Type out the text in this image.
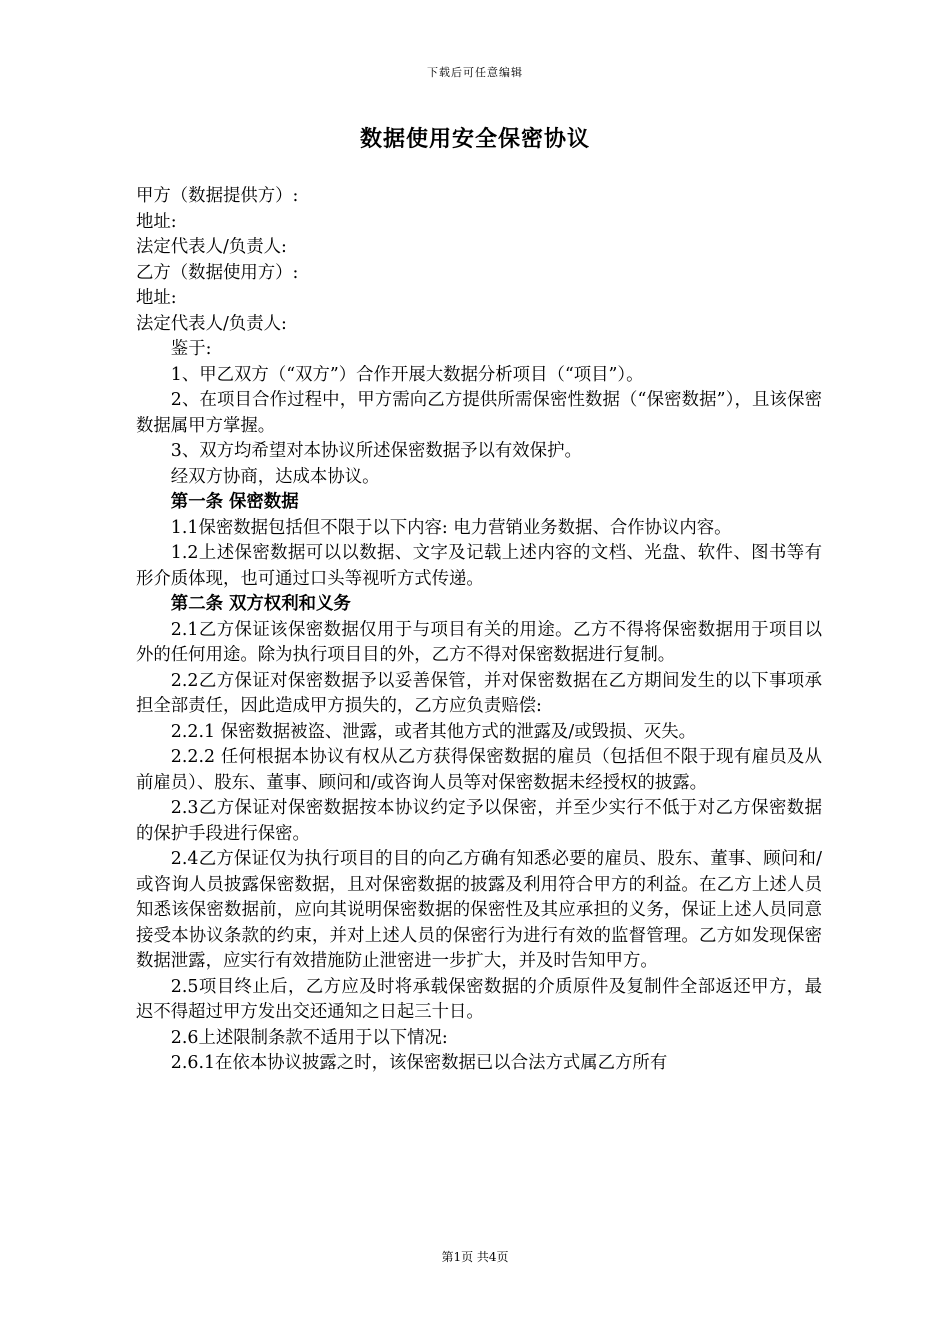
下载后可任意编辑
数据使用安全保密协议

甲方（数据提供方）:

地址:

法定代表人/负责人:

乙方（数据使用方）:

地址:

法定代表人/负责人:

鉴于:

1、甲乙双方（“双方”）合作开展大数据分析项目（“项目”）。

2、在项目合作过程中，甲方需向乙方提供所需保密性数据（“保密数据”），且该保密数据属甲方掌握。

3、双方均希望对本协议所述保密数据予以有效保护。

经双方协商，达成本协议。

第一条 保密数据

1.1保密数据包括但不限于以下内容: 电力营销业务数据、合作协议内容。

1.2上述保密数据可以以数据、文字及记载上述内容的文档、光盘、软件、图书等有形介质体现，也可通过口头等视听方式传递。

第二条 双方权利和义务

2.1乙方保证该保密数据仅用于与项目有关的用途。乙方不得将保密数据用于项目以外的任何用途。除为执行项目目的外，乙方不得对保密数据进行复制。

2.2乙方保证对保密数据予以妥善保管，并对保密数据在乙方期间发生的以下事项承担全部责任，因此造成甲方损失的，乙方应负责赔偿:

2.2.1 保密数据被盗、泄露，或者其他方式的泄露及/或毁损、灭失。

2.2.2 任何根据本协议有权从乙方获得保密数据的雇员（包括但不限于现有雇员及从前雇员）、股东、董事、顾问和/或咨询人员等对保密数据未经授权的披露。

2.3乙方保证对保密数据按本协议约定予以保密，并至少实行不低于对乙方保密数据的保护手段进行保密。

2.4乙方保证仅为执行项目的目的向乙方确有知悉必要的雇员、股东、董事、顾问和/或咨询人员披露保密数据，且对保密数据的披露及利用符合甲方的利益。在乙方上述人员知悉该保密数据前，应向其说明保密数据的保密性及其应承担的义务，保证上述人员同意接受本协议条款的约束，并对上述人员的保密行为进行有效的监督管理。乙方如发现保密数据泄露，应实行有效措施防止泄密进一步扩大，并及时告知甲方。

2.5项目终止后，乙方应及时将承载保密数据的介质原件及复制件全部返还甲方，最迟不得超过甲方发出交还通知之日起三十日。

2.6上述限制条款不适用于以下情况:

2.6.1在依本协议披露之时，该保密数据已以合法方式属乙方所有

第1页 共4页
